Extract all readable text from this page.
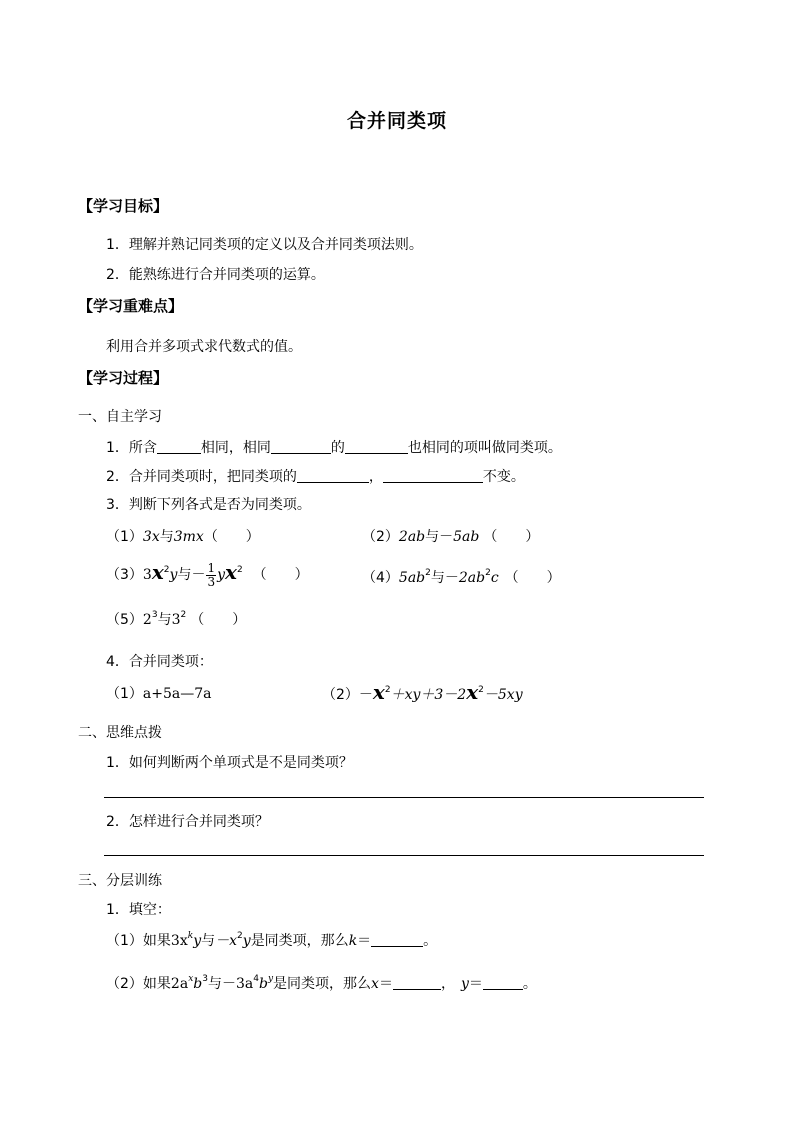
合并同类项
【学习目标】
1．理解并熟记同类项的定义以及合并同类项法则。
2．能熟练进行合并同类项的运算。
【学习重难点】
利用合并多项式求代数式的值。
【学习过程】
一、自主学习
1．所含	相同，相同	的	也相同的项叫做同类项。
2．合并同类项时，把同类项的	，	不变。
3．判断下列各式是否为同类项。
（1）3x与3mx（　　）	（2）2ab与－5ab （　　）
$(3)3x^2y$与－ $\frac{1}{3} yx^2$ （　　）	$(4)5ab^2$与$-2ab^2c$ （　　）
$(5)2^3$与$3^2$ （　　）
4．合并同类项：
（1）a+5a—7a	$(2)-x^2+xy+3-2x^2-5xy$
二、思维点拨
1．如何判断两个单项式是不是同类项？
2．怎样进行合并同类项？
三、分层训练
1．填空：
（1）如果$3x^ky$与$-x^2y$是同类项，那么k＝	。
（2）如果$2a^xb^3$与$-3a^4b^y$是同类项，那么x＝	， y＝	。
